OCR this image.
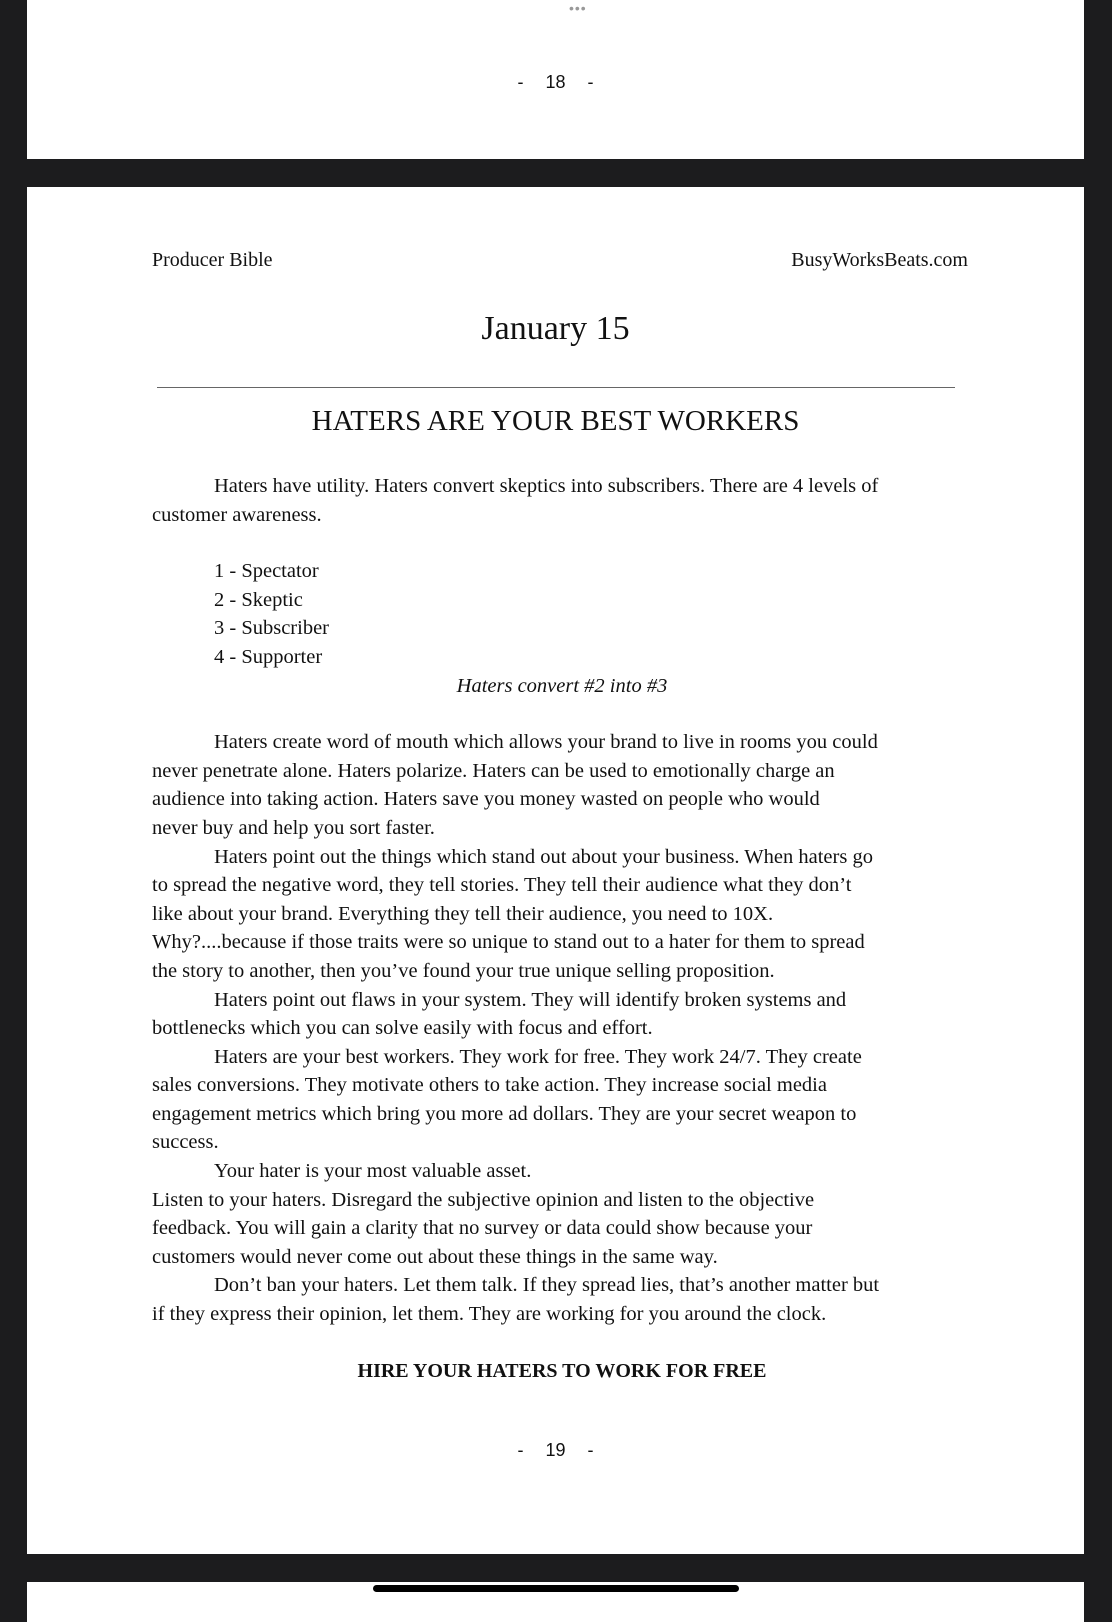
•••
- 18 -
Producer Bible	BusyWorksBeats.com
January 15
HATERS ARE YOUR BEST WORKERS
Haters have utility. Haters convert skeptics into subscribers. There are 4 levels of
customer awareness.
1 - Spectator
2 - Skeptic
3 - Subscriber
4 - Supporter
Haters convert #2 into #3
Haters create word of mouth which allows your brand to live in rooms you could
never penetrate alone. Haters polarize. Haters can be used to emotionally charge an
audience into taking action. Haters save you money wasted on people who would
never buy and help you sort faster.
Haters point out the things which stand out about your business. When haters go
to spread the negative word, they tell stories. They tell their audience what they don’t
like about your brand. Everything they tell their audience, you need to 10X.
Why?....because if those traits were so unique to stand out to a hater for them to spread
the story to another, then you’ve found your true unique selling proposition.
Haters point out flaws in your system. They will identify broken systems and
bottlenecks which you can solve easily with focus and effort.
Haters are your best workers. They work for free. They work 24/7. They create
sales conversions. They motivate others to take action. They increase social media
engagement metrics which bring you more ad dollars. They are your secret weapon to
success.
Your hater is your most valuable asset.
Listen to your haters. Disregard the subjective opinion and listen to the objective
feedback. You will gain a clarity that no survey or data could show because your
customers would never come out about these things in the same way.
Don’t ban your haters. Let them talk. If they spread lies, that’s another matter but
if they express their opinion, let them. They are working for you around the clock.
HIRE YOUR HATERS TO WORK FOR FREE
- 19 -
